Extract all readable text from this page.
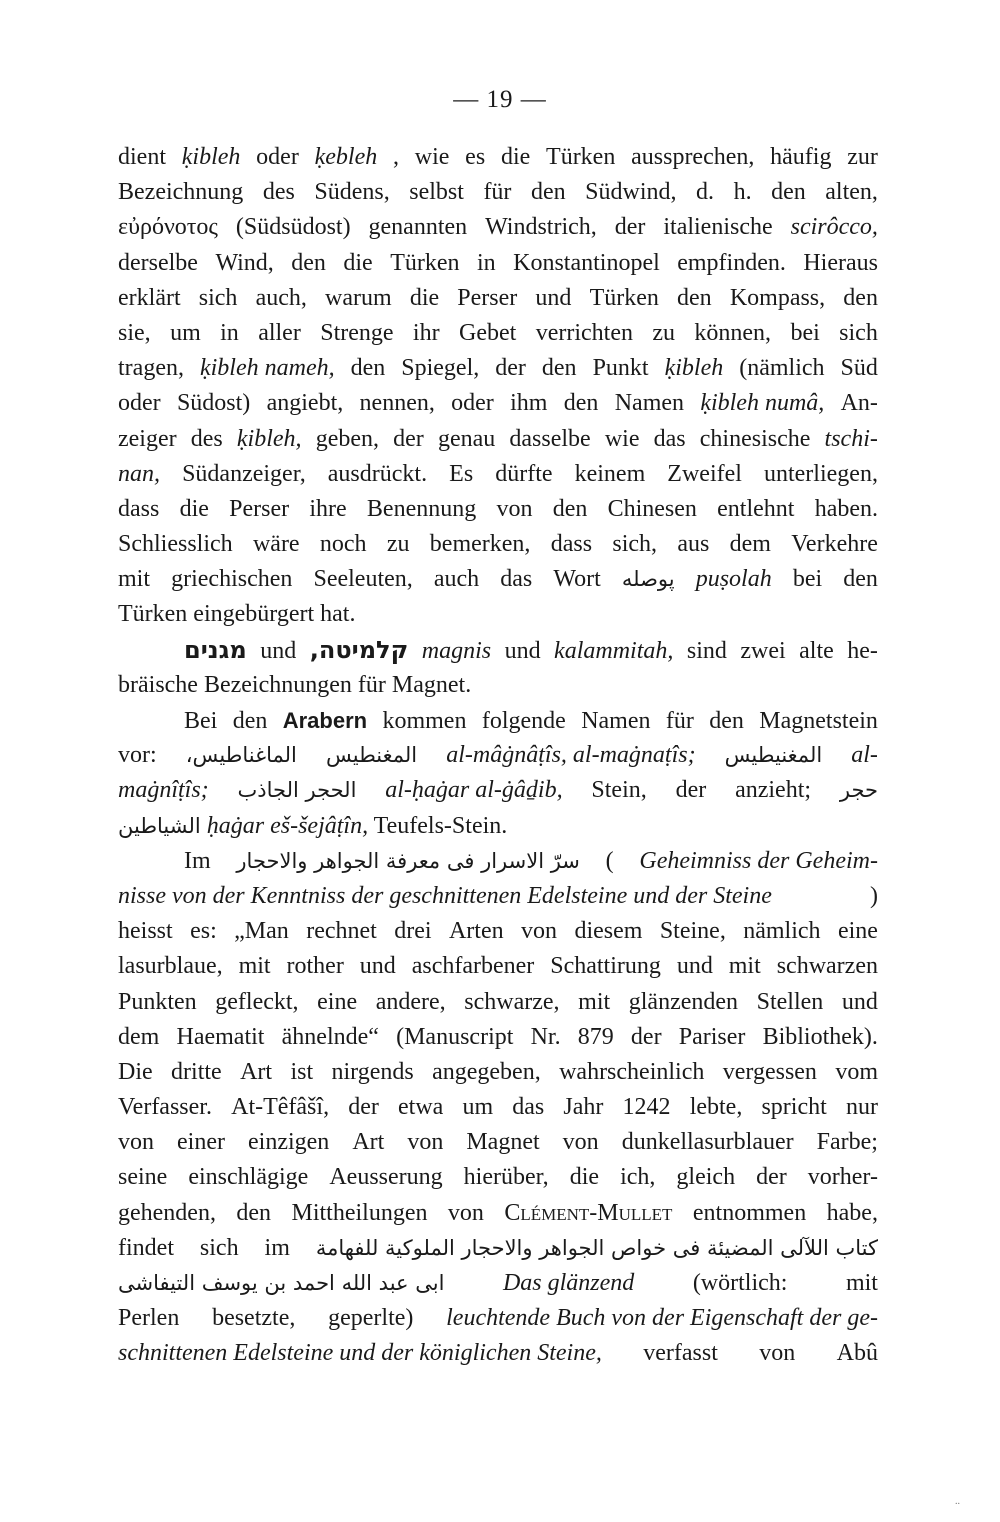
— 19 —
dient ḳibleh oder ḳebleh , wie es die Türken aussprechen, häufig zur
Bezeichnung des Südens, selbst für den Südwind, d. h. den alten,
εὐρόνοτος (Südsüdost) genannten Windstrich, der italienische scirôcco,
derselbe Wind, den die Türken in Konstantinopel empfinden. Hieraus
erklärt sich auch, warum die Perser und Türken den Kompass, den
sie, um in aller Strenge ihr Gebet verrichten zu können, bei sich
tragen, ḳibleh nameh, den Spiegel, der den Punkt ḳibleh (nämlich Süd
oder Südost) angiebt, nennen, oder ihm den Namen ḳibleh numâ, An-
zeiger des ḳibleh, geben, der genau dasselbe wie das chinesische tschi-
nan, Südanzeiger, ausdrückt. Es dürfte keinem Zweifel unterliegen,
dass die Perser ihre Benennung von den Chinesen entlehnt haben.
Schliesslich wäre noch zu bemerken, dass sich, aus dem Verkehre
mit griechischen Seeleuten, auch das Wort پوصله puṣolah bei den
Türken eingebürgert hat.
מגנים und קלמיטה, magnis und kalammitah, sind zwei alte he-
bräische Bezeichnungen für Magnet.
Bei den Arabern kommen folgende Namen für den Magnetstein
vor: الماغناطيس، المغنطيس al-mâġnâṭîs, al-maġnaṭîs; المغنيطيس al-
maġnîṭîs; الحجر الجاذب al-ḥaġar al-ġâḏib, Stein, der anzieht; حجر
الشياطين
ḥaġar eš-šejâṭîn, Teufels-Stein.
Im سرّ الاسرار فى معرفة الجواهر والاحجار ( Geheimniss der Geheim-
nisse von der Kenntniss der geschnittenen Edelsteine und der Steine	)
heisst es: „Man rechnet drei Arten von diesem Steine, nämlich eine
lasurblaue, mit rother und aschfarbener Schattirung und mit schwarzen
Punkten gefleckt, eine andere, schwarze, mit glänzenden Stellen und
dem Haematit ähnelnde“ (Manuscript Nr. 879 der Pariser Bibliothek).
Die dritte Art ist nirgends angegeben, wahrscheinlich vergessen vom
Verfasser. At-Têfâšî, der etwa um das Jahr 1242 lebte, spricht nur
von einer einzigen Art von Magnet von dunkellasurblauer Farbe;
seine einschlägige Aeusserung hierüber, die ich, gleich der vorher-
gehenden, den Mittheilungen von Clément-Mullet entnommen habe,
findet sich im كتاب اللآلى المضيئة فى خواص الجواهر والاحجار الملوكية للفهامة
ابى عبد الله احمد بن يوسف التيفاشى Das glänzend (wörtlich: mit
Perlen besetzte, geperlte) leuchtende Buch von der Eigenschaft der ge-
schnittenen Edelsteine und der königlichen Steine, verfasst von Abû
..
